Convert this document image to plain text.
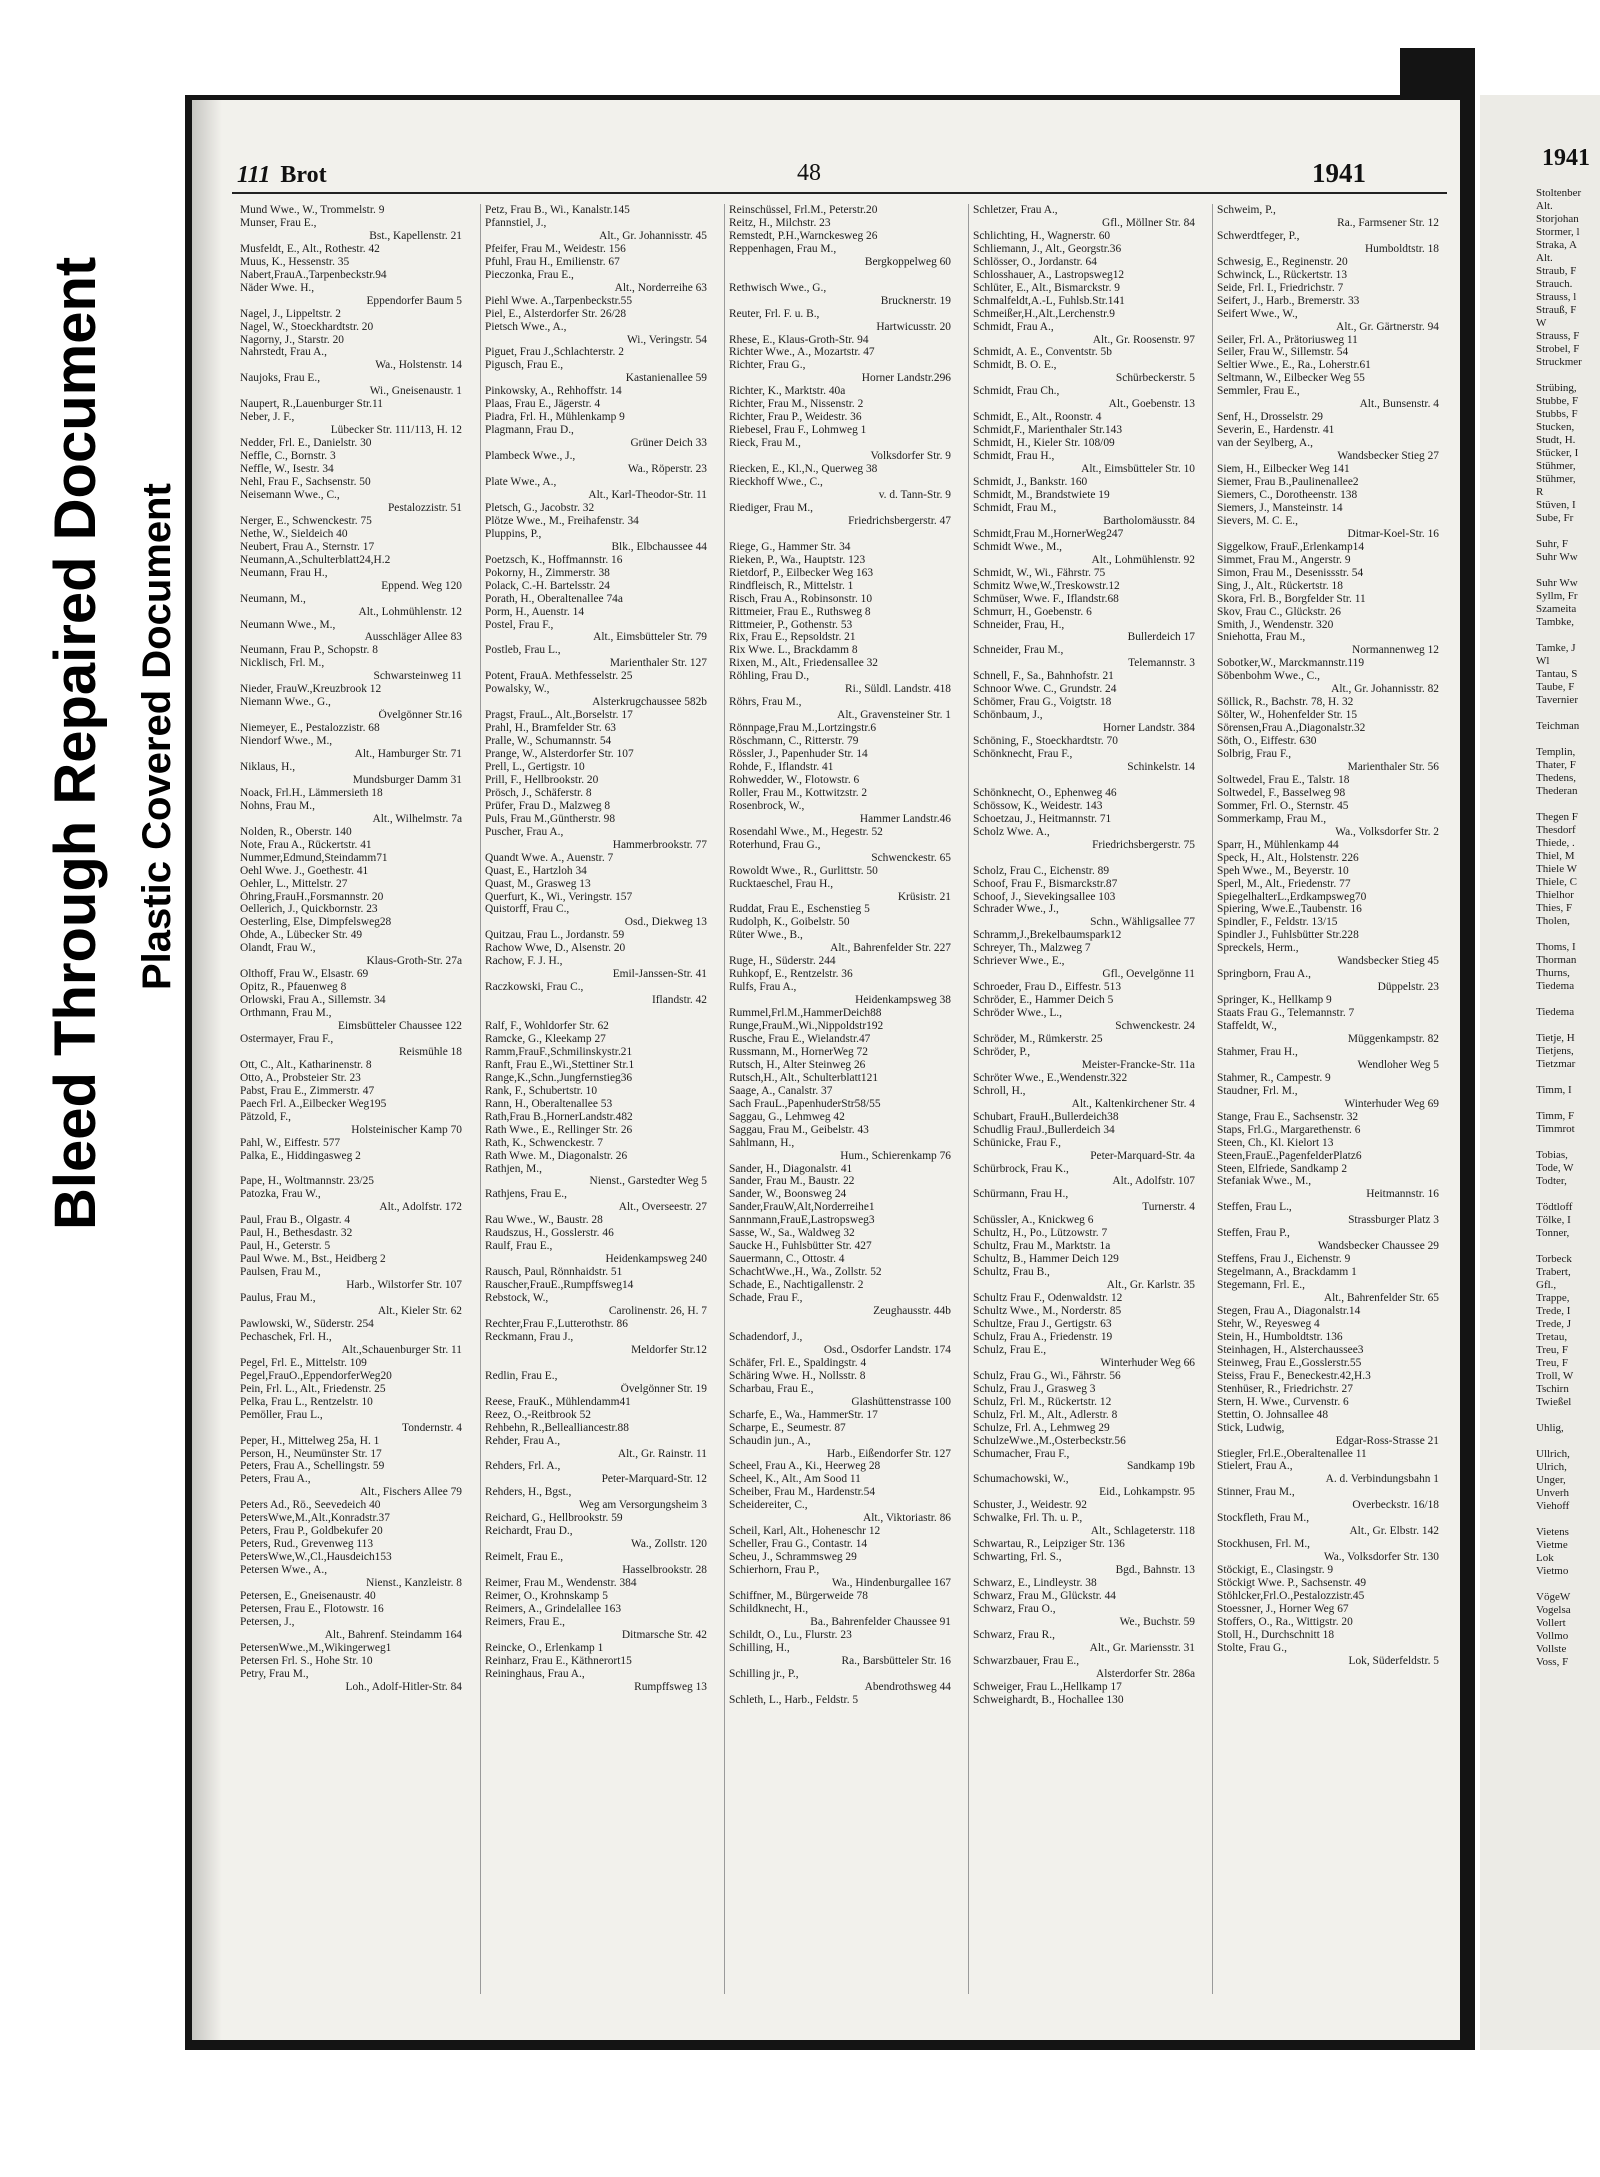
Bleed Through Repaired Document Plastic Covered Document
111 Brot	48	1941

Mund Wwe., W., Trommelstr. 9

Munser, Frau E.,

Bst., Kapellenstr. 21

Musfeldt, E., Alt., Rothestr. 42

Muus, K., Hessenstr. 35

Nabert,FrauA.,Tarpenbeckstr.94

Näder Wwe. H.,

Eppendorfer Baum 5

Nagel, J., Lippeltstr. 2

Nagel, W., Stoeckhardtstr. 20

Nagorny, J., Starstr. 20

Nahrstedt, Frau A.,

Wa., Holstenstr. 14

Naujoks, Frau E.,

Wi., Gneisenaustr. 1

Naupert, R.,Lauenburger Str.11

Neber, J. F.,

Lübecker Str. 111/113, H. 12

Nedder, Frl. E., Danielstr. 30

Neffle, C., Bornstr. 3

Neffle, W., Isestr. 34

Nehl, Frau F., Sachsenstr. 50

Neisemann Wwe., C.,

Pestalozzistr. 51

Nerger, E., Schwenckestr. 75

Nethe, W., Sieldeich 40

Neubert, Frau A., Sternstr. 17

Neumann,A.,Schulterblatt24,H.2

Neumann, Frau H.,

Eppend. Weg 120

Neumann, M.,

Alt., Lohmühlenstr. 12

Neumann Wwe., M.,

Ausschläger Allee 83

Neumann, Frau P., Schopstr. 8

Nicklisch, Frl. M.,

Schwarsteinweg 11

Nieder, FrauW.,Kreuzbrook 12

Niemann Wwe., G.,

Övelgönner Str.16

Niemeyer, E., Pestalozzistr. 68

Niendorf Wwe., M.,

Alt., Hamburger Str. 71

Niklaus, H.,

Mundsburger Damm 31

Noack, Frl.H., Lämmersieth 18

Nohns, Frau M.,

Alt., Wilhelmstr. 7a

Nolden, R., Oberstr. 140

Note, Frau A., Rückertstr. 41

Nummer,Edmund,Steindamm71

Oehl Wwe. J., Goethestr. 41

Oehler, L., Mittelstr. 27

Öhring,FrauH.,Forsmannstr. 20

Oellerich, J., Quickbornstr. 23

Oesterling, Else, Dimpfelsweg28

Ohde, A., Lübecker Str. 49

Olandt, Frau W.,

Klaus-Groth-Str. 27a

Olthoff, Frau W., Elsastr. 69

Opitz, R., Pfauenweg 8

Orlowski, Frau A., Sillemstr. 34

Orthmann, Frau M.,

Eimsbütteler Chaussee 122

Ostermayer, Frau F.,

Reismühle 18

Ott, C., Alt., Katharinenstr. 8

Otto, A., Probsteier Str. 23

Pabst, Frau E., Zimmerstr. 47

Paech Frl. A.,Eilbecker Weg195

Pätzold, F.,

Holsteinischer Kamp 70

Pahl, W., Eiffestr. 577

Palka, E., Hiddingasweg 2

Pape, H., Woltmannstr. 23/25

Patozka, Frau W.,

Alt., Adolfstr. 172

Paul, Frau B., Olgastr. 4

Paul, H., Bethesdastr. 32

Paul, H., Geterstr. 5

Paul Wwe. M., Bst., Heidberg 2

Paulsen, Frau M.,

Harb., Wilstorfer Str. 107

Paulus, Frau M.,

Alt., Kieler Str. 62

Pawlowski, W., Süderstr. 254

Pechaschek, Frl. H.,

Alt.,Schauenburger Str. 11

Pegel, Frl. E., Mittelstr. 109

Pegel,FrauO.,EppendorferWeg20

Pein, Frl. L., Alt., Friedenstr. 25

Pelka, Frau L., Rentzelstr. 10

Pemöller, Frau L.,

Tondernstr. 4

Peper, H., Mittelweg 25a, H. 1

Person, H., Neumünster Str. 17

Peters, Frau A., Schellingstr. 59

Peters, Frau A.,

Alt., Fischers Allee 79

Peters Ad., Rö., Seevedeich 40

PetersWwe,M.,Alt.,Konradstr.37

Peters, Frau P., Goldbekufer 20

Peters, Rud., Grevenweg 113

PetersWwe,W.,Cl.,Hausdeich153

Petersen Wwe., A.,

Nienst., Kanzleistr. 8

Petersen, E., Gneisenaustr. 40

Petersen, Frau E., Flotowstr. 16

Petersen, J.,

Alt., Bahrenf. Steindamm 164

PetersenWwe.,M.,Wikingerweg1

Petersen Frl. S., Hohe Str. 10

Petry, Frau M.,

Loh., Adolf-Hitler-Str. 84

Petz, Frau B., Wi., Kanalstr.145

Pfannstiel, J.,

Alt., Gr. Johannisstr. 45

Pfeifer, Frau M., Weidestr. 156

Pfuhl, Frau H., Emilienstr. 67

Pieczonka, Frau E.,

Alt., Norderreihe 63

Piehl Wwe. A.,Tarpenbeckstr.55

Piel, E., Alsterdorfer Str. 26/28

Pietsch Wwe., A.,

Wi., Veringstr. 54

Piguet, Frau J.,Schlachterstr. 2

Pigusch, Frau E.,

Kastanienallee 59

Pinkowsky, A., Rehhoffstr. 14

Plaas, Frau E., Jägerstr. 4

Piadra, Frl. H., Mühlenkamp 9

Plagmann, Frau D.,

Grüner Deich 33

Plambeck Wwe., J.,

Wa., Röperstr. 23

Plate Wwe., A.,

Alt., Karl-Theodor-Str. 11

Pletsch, G., Jacobstr. 32

Plötze Wwe., M., Freihafenstr. 34

Pluppins, P.,

Blk., Elbchaussee 44

Poetzsch, K., Hoffmannstr. 16

Pokorny, H., Zimmerstr. 38

Polack, C.-H. Bartelsstr. 24

Porath, H., Oberaltenallee 74a

Porm, H., Auenstr. 14

Postel, Frau F.,

Alt., Eimsbütteler Str. 79

Postleb, Frau L.,

Marienthaler Str. 127

Potent, FrauA. Methfesselstr. 25

Powalsky, W.,

Alsterkrugchaussee 582b

Pragst, FrauL., Alt.,Borselstr. 17

Prahl, H., Bramfelder Str. 63

Pralle, W., Schumannstr. 54

Prange, W., Alsterdorfer Str. 107

Prell, L., Gertigstr. 10

Prill, F., Hellbrookstr. 20

Prösch, J., Schäferstr. 8

Prüfer, Frau D., Malzweg 8

Puls, Frau M.,Güntherstr. 98

Puscher, Frau A.,

Hammerbrookstr. 77

Quandt Wwe. A., Auenstr. 7

Quast, E., Hartzloh 34

Quast, M., Grasweg 13

Querfurt, K., Wi., Veringstr. 157

Quistorff, Frau C.,

Osd., Diekweg 13

Quitzau, Frau L., Jordanstr. 59

Rachow Wwe, D., Alsenstr. 20

Rachow, F. J. H.,

Emil-Janssen-Str. 41

Raczkowski, Frau C.,

Iflandstr. 42

Ralf, F., Wohldorfer Str. 62

Ramcke, G., Kleekamp 27

Ramm,FrauF.,Schmilinskystr.21

Ranft, Frau E.,Wi.,Stettiner Str.1

Range,K.,Schn.,Jungfernstieg36

Rank, F., Schubertstr. 10

Rann, H., Oberaltenallee 53

Rath,Frau B.,HornerLandstr.482

Rath Wwe., E., Rellinger Str. 26

Rath, K., Schwenckestr. 7

Rath Wwe. M., Diagonalstr. 26

Rathjen, M.,

Nienst., Garstedter Weg 5

Rathjens, Frau E.,

Alt., Overseestr. 27

Rau Wwe., W., Baustr. 28

Raudszus, H., Gosslerstr. 46

Raulf, Frau E.,

Heidenkampsweg 240

Rausch, Paul, Rönnhaidstr. 51

Rauscher,FrauE.,Rumpffsweg14

Rebstock, W.,

Carolinenstr. 26, H. 7

Rechter,Frau F.,Lutterothstr. 86

Reckmann, Frau J.,

Meldorfer Str.12

Redlin, Frau E.,

Övelgönner Str. 19

Reese, FrauK., Mühlendamm41

Reez, O.,-Reitbrook 52

Rehbehn, R.,Bellealliancestr.88

Rehder, Frau A.,

Alt., Gr. Rainstr. 11

Rehders, Frl. A.,

Peter-Marquard-Str. 12

Rehders, H., Bgst.,

Weg am Versorgungsheim 3

Reichard, G., Hellbrookstr. 59

Reichardt, Frau D.,

Wa., Zollstr. 120

Reimelt, Frau E.,

Hasselbrookstr. 28

Reimer, Frau M., Wendenstr. 384

Reimer, O., Krohnskamp 5

Reimers, A., Grindelallee 163

Reimers, Frau E.,

Ditmarsche Str. 42

Reincke, O., Erlenkamp 1

Reinharz, Frau E., Käthnerort15

Reininghaus, Frau A.,

Rumpffsweg 13

Reinschüssel, Frl.M., Peterstr.20

Reitz, H., Milchstr. 23

Remstedt, P.H.,Warnckesweg 26

Reppenhagen, Frau M.,

Bergkoppelweg 60

Rethwisch Wwe., G.,

Brucknerstr. 19

Reuter, Frl. F. u. B.,

Hartwicusstr. 20

Rhese, E., Klaus-Groth-Str. 94

Richter Wwe., A., Mozartstr. 47

Richter, Frau G.,

Horner Landstr.296

Richter, K., Marktstr. 40a

Richter, Frau M., Nissenstr. 2

Richter, Frau P., Weidestr. 36

Riebesel, Frau F., Lohmweg 1

Rieck, Frau M.,

Volksdorfer Str. 9

Riecken, E., Kl.,N., Querweg 38

Rieckhoff Wwe., C.,

v. d. Tann-Str. 9

Riediger, Frau M.,

Friedrichsbergerstr. 47

Riege, G., Hammer Str. 34

Rieken, P., Wa., Hauptstr. 123

Rietdorf, P., Eilbecker Weg 163

Rindfleisch, R., Mittelstr. 1

Risch, Frau A., Robinsonstr. 10

Rittmeier, Frau E., Ruthsweg 8

Rittmeier, P., Gothenstr. 53

Rix, Frau E., Repsoldstr. 21

Rix Wwe. L., Brackdamm 8

Rixen, M., Alt., Friedensallee 32

Röhling, Frau D.,

Ri., Süldl. Landstr. 418

Röhrs, Frau M.,

Alt., Gravensteiner Str. 1

Rönnpage,Frau M.,Lortzingstr.6

Röschmann, C., Ritterstr. 79

Rössler, J., Papenhuder Str. 14

Rohde, F., Iflandstr. 41

Rohwedder, W., Flotowstr. 6

Roller, Frau M., Kottwitzstr. 2

Rosenbrock, W.,

Hammer Landstr.46

Rosendahl Wwe., M., Hegestr. 52

Roterhund, Frau G.,

Schwenckestr. 65

Rowoldt Wwe., R., Gurlittstr. 50

Rucktaeschel, Frau H.,

Krüsistr. 21

Ruddat, Frau E., Eschenstieg 5

Rudolph, K., Goibelstr. 50

Rüter Wwe., B.,

Alt., Bahrenfelder Str. 227

Ruge, H., Süderstr. 244

Ruhkopf, E., Rentzelstr. 36

Rulfs, Frau A.,

Heidenkampsweg 38

Rummel,Frl.M.,HammerDeich88

Runge,FrauM.,Wi.,Nippoldstr192

Rusche, Frau E., Wielandstr.47

Russmann, M., HornerWeg 72

Rutsch, H., Alter Steinweg 26

Rutsch,H., Alt., Schulterblatt121

Saage, A., Canalstr. 37

Sach FrauL.,PapenhuderStr58/55

Saggau, G., Lehmweg 42

Saggau, Frau M., Geibelstr. 43

Sahlmann, H.,

Hum., Schierenkamp 76

Sander, H., Diagonalstr. 41

Sander, Frau M., Baustr. 22

Sander, W., Boonsweg 24

Sander,FrauW,Alt,Norderreihe1

Sannmann,FrauE,Lastropsweg3

Sasse, W., Sa., Waldweg 32

Saucke H., Fuhlsbütter Str. 427

Sauermann, C., Ottostr. 4

SchachtWwe.,H., Wa., Zollstr. 52

Schade, E., Nachtigallenstr. 2

Schade, Frau F.,

Zeughausstr. 44b

Schadendorf, J.,

Osd., Osdorfer Landstr. 174

Schäfer, Frl. E., Spaldingstr. 4

Schäring Wwe. H., Nollsstr. 8

Scharbau, Frau E.,

Glashüttenstrasse 100

Scharfe, E., Wa., HammerStr. 17

Scharpe, E., Seumestr. 87

Schaudin jun., A.,

Harb., Eißendorfer Str. 127

Scheel, Frau A., Ki., Heerweg 28

Scheel, K., Alt., Am Sood 11

Scheiber, Frau M., Hardenstr.54

Scheidereiter, C.,

Alt., Viktoriastr. 86

Scheil, Karl, Alt., Hoheneschr 12

Scheller, Frau G., Contastr. 14

Scheu, J., Schrammsweg 29

Schierhorn, Frau P.,

Wa., Hindenburgallee 167

Schiffner, M., Bürgerweide 78

Schildknecht, H.,

Ba., Bahrenfelder Chaussee 91

Schildt, O., Lu., Flurstr. 23

Schilling, H.,

Ra., Barsbütteler Str. 16

Schilling jr., P.,

Abendrothsweg 44

Schleth, L., Harb., Feldstr. 5

Schletzer, Frau A.,

Gfl., Möllner Str. 84

Schlichting, H., Wagnerstr. 60

Schliemann, J., Alt., Georgstr.36

Schlösser, O., Jordanstr. 64

Schlosshauer, A., Lastropsweg12

Schlüter, E., Alt., Bismarckstr. 9

Schmalfeldt,A.-L, Fuhlsb.Str.141

Schmeißer,H.,Alt.,Lerchenstr.9

Schmidt, Frau A.,

Alt., Gr. Roosenstr. 97

Schmidt, A. E., Conventstr. 5b

Schmidt, B. O. E.,

Schürbeckerstr. 5

Schmidt, Frau Ch.,

Alt., Goebenstr. 13

Schmidt, E., Alt., Roonstr. 4

Schmidt,F., Marienthaler Str.143

Schmidt, H., Kieler Str. 108/09

Schmidt, Frau H.,

Alt., Eimsbütteler Str. 10

Schmidt, J., Bankstr. 160

Schmidt, M., Brandstwiete 19

Schmidt, Frau M.,

Bartholomäusstr. 84

Schmidt,Frau M.,HornerWeg247

Schmidt Wwe., M.,

Alt., Lohmühlenstr. 92

Schmidt, W., Wi., Fährstr. 75

Schmitz Wwe,W.,Treskowstr.12

Schmüser, Wwe. F., Iflandstr.68

Schmurr, H., Goebenstr. 6

Schneider, Frau, H.,

Bullerdeich 17

Schneider, Frau M.,

Telemannstr. 3

Schnell, F., Sa., Bahnhofstr. 21

Schnoor Wwe. C., Grundstr. 24

Schömer, Frau G., Voigtstr. 18

Schönbaum, J.,

Horner Landstr. 384

Schöning, F., Stoeckhardtstr. 70

Schönknecht, Frau F.,

Schinkelstr. 14

Schönknecht, O., Ephenweg 46

Schössow, K., Weidestr. 143

Schoetzau, J., Heitmannstr. 71

Scholz Wwe. A.,

Friedrichsbergerstr. 75

Scholz, Frau C., Eichenstr. 89

Schoof, Frau F., Bismarckstr.87

Schoof, J., Sievekingsallee 103

Schrader Wwe., J.,

Schn., Wähligsallee 77

Schramm,J.,Brekelbaumspark12

Schreyer, Th., Malzweg 7

Schriever Wwe., E.,

Gfl., Oevelgönne 11

Schroeder, Frau D., Eiffestr. 513

Schröder, E., Hammer Deich 5

Schröder Wwe., L.,

Schwenckestr. 24

Schröder, M., Rümkerstr. 25

Schröder, P.,

Meister-Francke-Str. 11a

Schröter Wwe., E.,Wendenstr.322

Schroll, H.,

Alt., Kaltenkirchener Str. 4

Schubart, FrauH.,Bullerdeich38

Schudlig FrauJ.,Bullerdeich 34

Schünicke, Frau F.,

Peter-Marquard-Str. 4a

Schürbrock, Frau K.,

Alt., Adolfstr. 107

Schürmann, Frau H.,

Turnerstr. 4

Schüssler, A., Knickweg 6

Schultz, H., Po., Lützowstr. 7

Schultz, Frau M., Marktstr. 1a

Schultz, B., Hammer Deich 129

Schultz, Frau B.,

Alt., Gr. Karlstr. 35

Schultz Frau F., Odenwaldstr. 12

Schultz Wwe., M., Norderstr. 85

Schultze, Frau J., Gertigstr. 63

Schulz, Frau A., Friedenstr. 19

Schulz, Frau E.,

Winterhuder Weg 66

Schulz, Frau G., Wi., Fährstr. 56

Schulz, Frau J., Grasweg 3

Schulz, Frl. M., Rückertstr. 12

Schulz, Frl. M., Alt., Adlerstr. 8

Schulze, Frl. A., Lehmweg 29

SchulzeWwe.,M.,Osterbeckstr.56

Schumacher, Frau F.,

Sandkamp 19b

Schumachowski, W.,

Eid., Lohkampstr. 95

Schuster, J., Weidestr. 92

Schwalke, Frl. Th. u. P.,

Alt., Schlageterstr. 118

Schwartau, R., Leipziger Str. 136

Schwarting, Frl. S.,

Bgd., Bahnstr. 13

Schwarz, E., Lindleystr. 38

Schwarz, Frau M., Glückstr. 44

Schwarz, Frau O.,

We., Buchstr. 59

Schwarz, Frau R.,

Alt., Gr. Mariensstr. 31

Schwarzbauer, Frau E.,

Alsterdorfer Str. 286a

Schweiger, Frau L.,Hellkamp 17

Schweighardt, B., Hochallee 130

Schweim, P.,

Ra., Farmsener Str. 12

Schwerdtfeger, P.,

Humboldtstr. 18

Schwesig, E., Reginenstr. 20

Schwinck, L., Rückertstr. 13

Seide, Frl. I., Friedrichstr. 7

Seifert, J., Harb., Bremerstr. 33

Seifert Wwe., W.,

Alt., Gr. Gärtnerstr. 94

Seiler, Frl. A., Prätoriusweg 11

Seiler, Frau W., Sillemstr. 54

Seltier Wwe., E., Ra., Loherstr.61

Seltmann, W., Eilbecker Weg 55

Semmler, Frau E.,

Alt., Bunsenstr. 4

Senf, H., Drosselstr. 29

Severin, E., Hardenstr. 41

van der Seylberg, A.,

Wandsbecker Stieg 27

Siem, H., Eilbecker Weg 141

Siemer, Frau B.,Paulinenallee2

Siemers, C., Dorotheenstr. 138

Siemers, J., Mansteinstr. 14

Sievers, M. C. E.,

Ditmar-Koel-Str. 16

Siggelkow, FrauF.,Erlenkamp14

Simmet, Frau M., Angerstr. 9

Simon, Frau M., Desenissstr. 54

Sing, J., Alt., Rückertstr. 18

Skora, Frl. B., Borgfelder Str. 11

Skov, Frau C., Glückstr. 26

Smith, J., Wendenstr. 320

Sniehotta, Frau M.,

Normannenweg 12

Sobotker,W., Marckmannstr.119

Söbenbohm Wwe., C.,

Alt., Gr. Johannisstr. 82

Söllick, R., Bachstr. 78, H. 32

Sölter, W., Hohenfelder Str. 15

Sörensen,Frau A.,Diagonalstr.32

Söth, O., Eiffestr. 630

Solbrig, Frau F.,

Marienthaler Str. 56

Soltwedel, Frau E., Talstr. 18

Soltwedel, F., Basselweg 98

Sommer, Frl. O., Sternstr. 45

Sommerkamp, Frau M.,

Wa., Volksdorfer Str. 2

Sparr, H., Mühlenkamp 44

Speck, H., Alt., Holstenstr. 226

Speh Wwe., M., Beyerstr. 10

Sperl, M., Alt., Friedenstr. 77

SpiegelhalterL.,Erdkampsweg70

Spiering, Wwe.E.,Taubenstr. 16

Spindler, F., Feldstr. 13/15

Spindler J., Fuhlsbütter Str.228

Spreckels, Herm.,

Wandsbecker Stieg 45

Springborn, Frau A.,

Düppelstr. 23

Springer, K., Hellkamp 9

Staats Frau G., Telemannstr. 7

Staffeldt, W.,

Müggenkampstr. 82

Stahmer, Frau H.,

Wendloher Weg 5

Stahmer, R., Campestr. 9

Staudner, Frl. M.,

Winterhuder Weg 69

Stange, Frau E., Sachsenstr. 32

Staps, Frl.G., Margarethenstr. 6

Steen, Ch., Kl. Kielort 13

Steen,FrauE.,PagenfelderPlatz6

Steen, Elfriede, Sandkamp 2

Stefaniak Wwe., M.,

Heitmannstr. 16

Steffen, Frau L.,

Strassburger Platz 3

Steffen, Frau P.,

Wandsbecker Chaussee 29

Steffens, Frau J., Eichenstr. 9

Stegelmann, A., Brackdamm 1

Stegemann, Frl. E.,

Alt., Bahrenfelder Str. 65

Stegen, Frau A., Diagonalstr.14

Stehr, W., Reyesweg 4

Stein, H., Humboldtstr. 136

Steinhagen, H., Alsterchaussee3

Steinweg, Frau E.,Gosslerstr.55

Steiss, Frau F., Beneckestr.42,H.3

Stenhüser, R., Friedrichstr. 27

Stern, H. Wwe., Curvenstr. 6

Stettin, O. Johnsallee 48

Stick, Ludwig,

Edgar-Ross-Strasse 21

Stiegler, Frl.E.,Oberaltenallee 11

Stielert, Frau A.,

A. d. Verbindungsbahn 1

Stinner, Frau M.,

Overbeckstr. 16/18

Stockfleth, Frau M.,

Alt., Gr. Elbstr. 142

Stockhusen, Frl. M.,

Wa., Volksdorfer Str. 130

Stöckigt, E., Clasingstr. 9

Stöckigt Wwe. P., Sachsenstr. 49

Stöhlcker,Frl.O.,Pestalozzistr.45

Stoessner, J., Horner Weg 67

Stoffers, O., Ra., Wittigstr. 20

Stoll, H., Durchschnitt 18

Stolte, Frau G.,

Lok, Süderfeldstr. 5

1941
Stoltenber
Alt.
Storjohan
Stormer, l
Straka, A
Alt.
Straub, F
Strauch.
Strauss, l
Strauß, F
W
Strauss, F
Strobel, F
Struckmer

Strübing,
Stubbe, F
Stubbs, F
Stucken,
Studt, H.
Stücker, I
Stühmer,
Stühmer,
R
Stüven, I
Sube, Fr

Suhr, F
Suhr Ww

Suhr Ww
Syllm, Fr
Szameita
Tambke,

Tamke, J
Wl
Tantau, S
Taube, F
Tavernier

Teichman

Templin,
Thater, F
Thedens,
Thederan

Thegen F
Thesdorf
Thiede, .
Thiel, M
Thiele W
Thiele, C
Thielhor
Thies, F
Tholen,

Thoms, I
Thorman
Thurns,
Tiedema

Tiedema

Tietje, H
Tietjens,
Tietzmar

Timm, I

Timm, F
Timmrot

Tobias,
Tode, W
Todter,

Tödtloff
Tölke, I
Tonner,

Torbeck
Trabert,
Gfl.,
Trappe,
Trede, I
Trede, J
Tretau,
Treu, F
Treu, F
Troll, W
Tschirn
Twießel

Uhlig,

Ullrich,
Ulrich,
Unger,
Unverh
Viehoff

Vietens
Vietme
Lok
Vietmo

VögeW
Vogelsa
Vollert
Vollmo
Vollste
Voss, F
